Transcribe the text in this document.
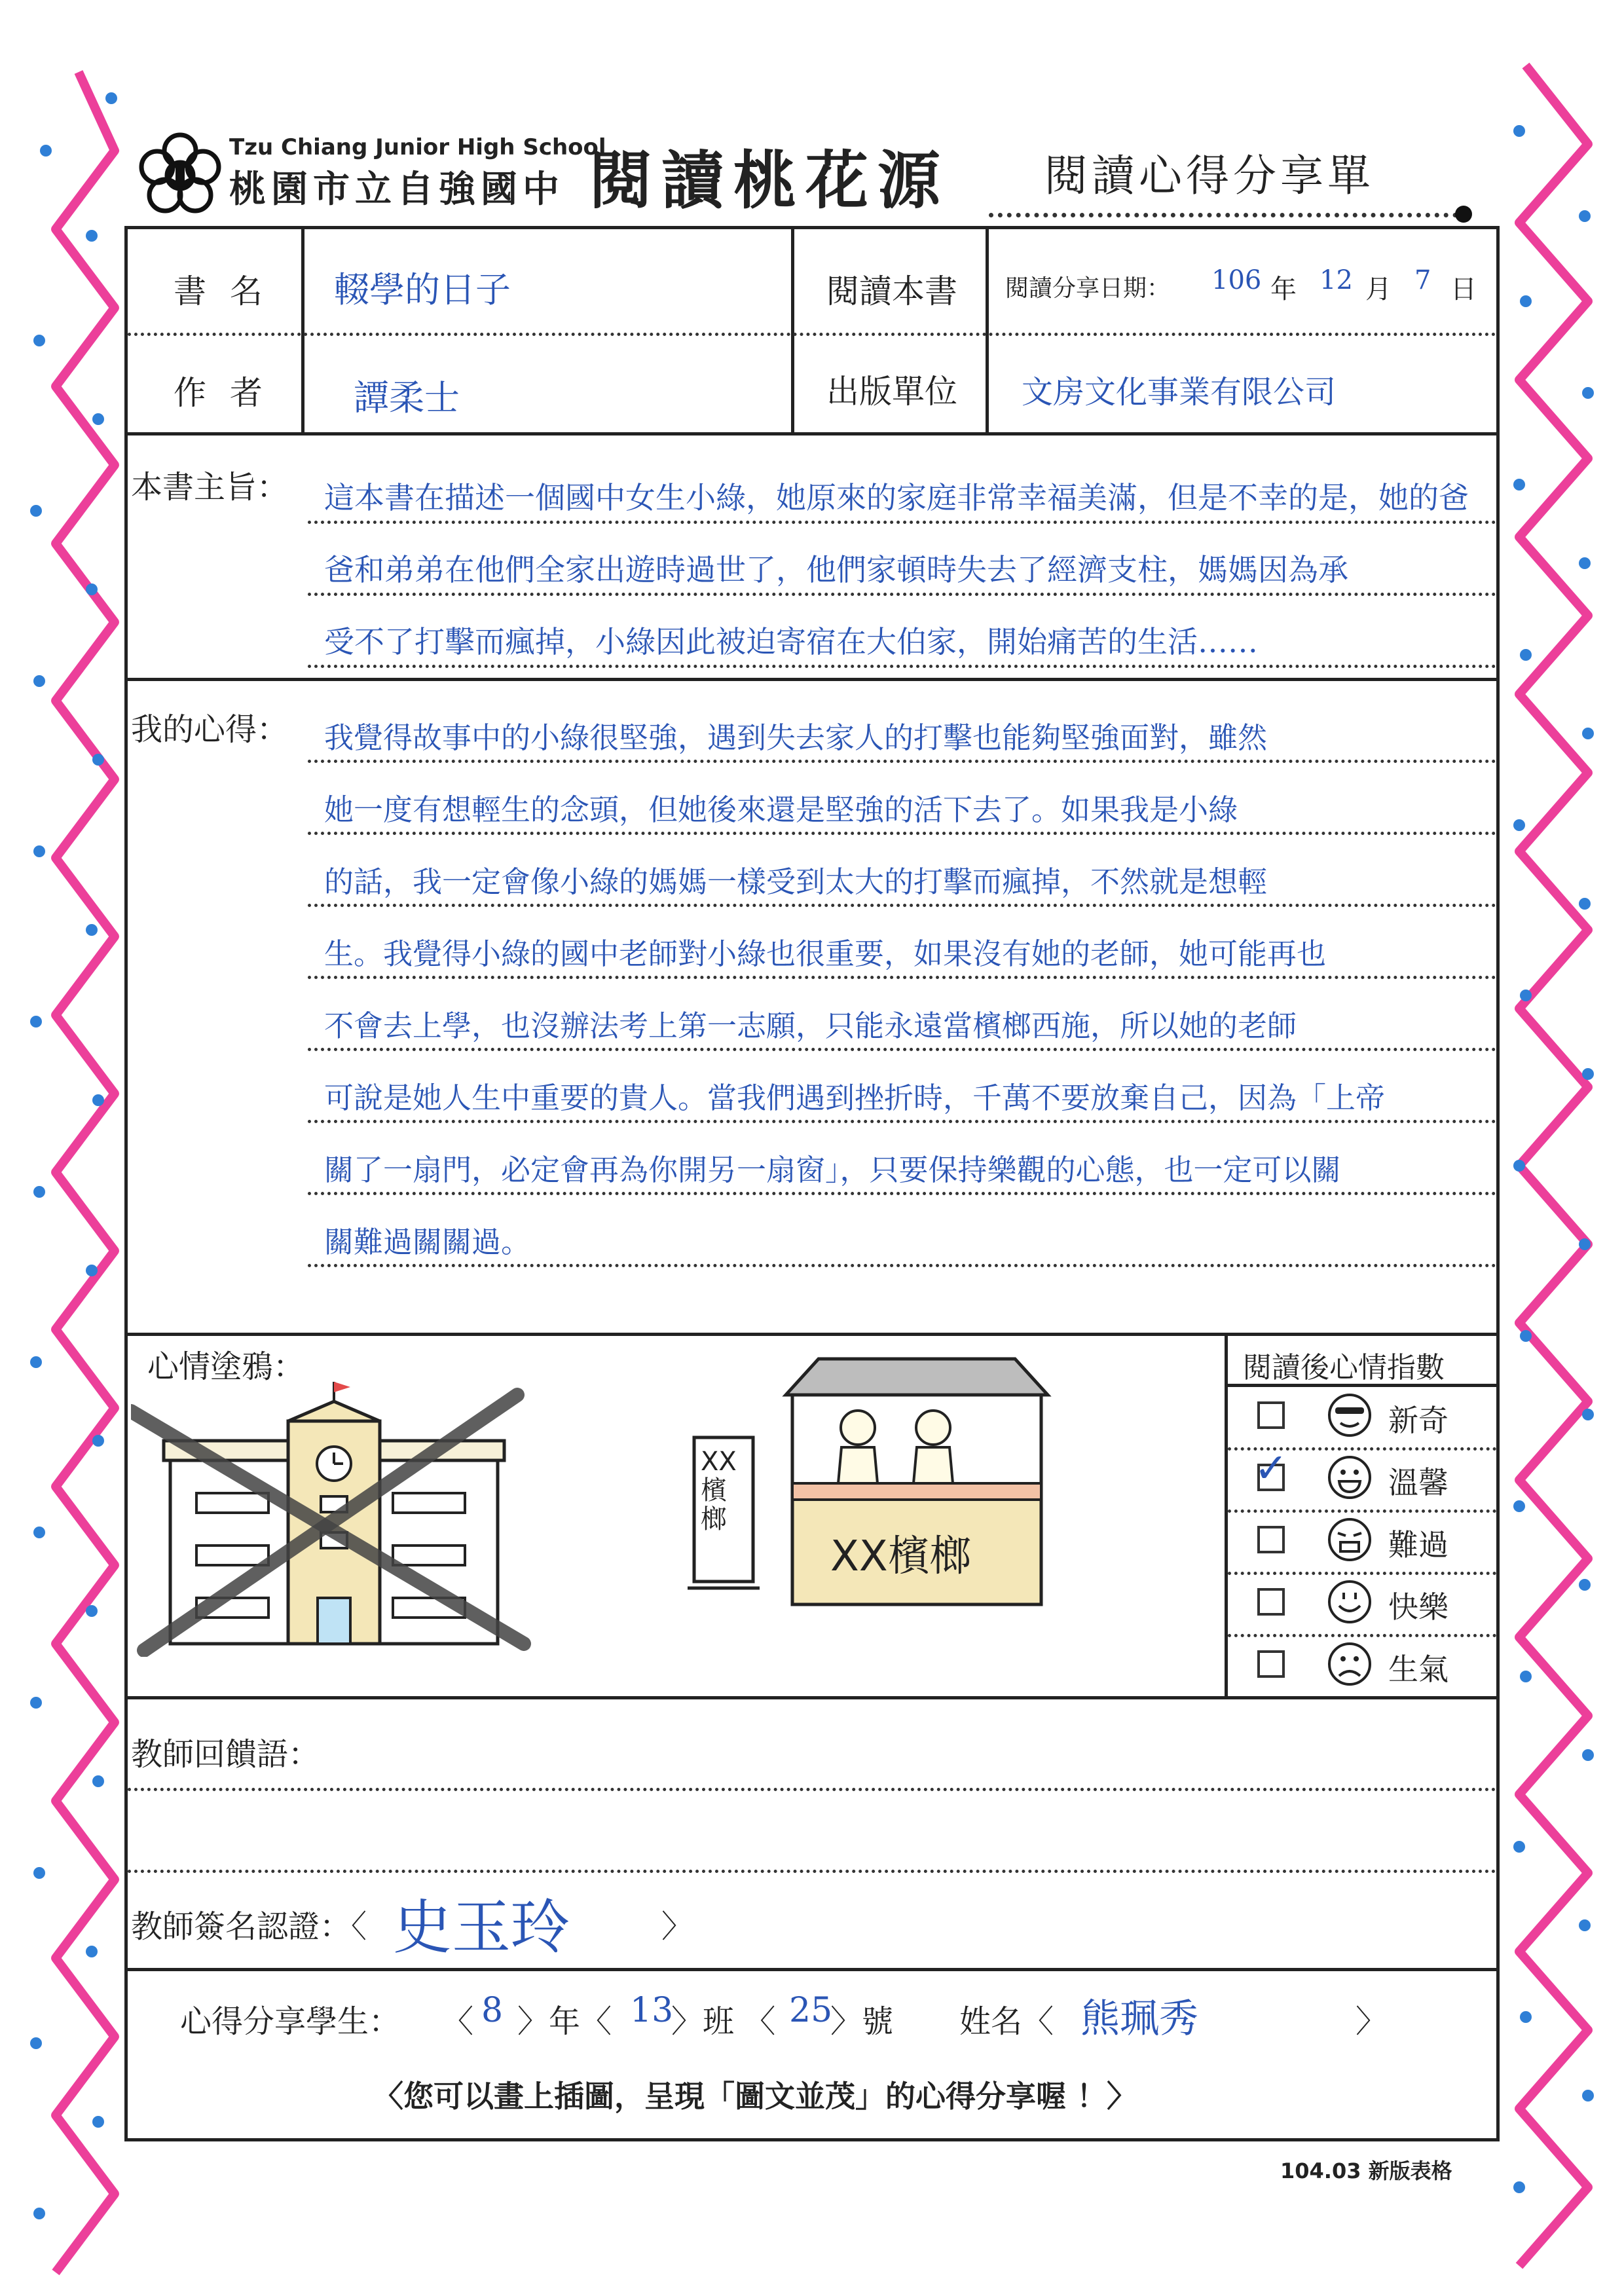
Tzu Chiang Junior High School
桃園市立自強國中 閱讀桃花源 閱讀心得分享單
書 名 輟學的日子	閱讀本書 閱讀分享日期： 106 年 12 月 7 日
作 者 譚柔士	出版單位 文房文化事業有限公司
本書主旨： 這本書在描述一個國中女生小綠，她原來的家庭非常幸福美滿，但是不幸的是，她的爸
爸和弟弟在他們全家出遊時過世了，他們家頓時失去了經濟支柱，媽媽因為承
受不了打擊而瘋掉，小綠因此被迫寄宿在大伯家，開始痛苦的生活……
我的心得： 我覺得故事中的小綠很堅強，遇到失去家人的打擊也能夠堅強面對，雖然
她一度有想輕生的念頭，但她後來還是堅強的活下去了。如果我是小綠
的話，我一定會像小綠的媽媽一樣受到太大的打擊而瘋掉，不然就是想輕
生。我覺得小綠的國中老師對小綠也很重要，如果沒有她的老師，她可能再也
不會去上學，也沒辦法考上第一志願，只能永遠當檳榔西施，所以她的老師
可說是她人生中重要的貴人。當我們遇到挫折時，千萬不要放棄自己，因為「上帝
關了一扇門，必定會再為你開另一扇窗」，只要保持樂觀的心態，也一定可以關
關難過關關過。
心情塗鴉：
XX檳榔
XX檳榔
閱讀後心情指數
新奇
✓	溫馨
難過
快樂
生氣
教師回饋語：
教師簽名認證：〈 史玉玲	〉
心得分享學生： 〈 8 〉年〈 13
〉班 〈 25
〉號 姓名〈 熊珮秀	〉
〈您可以畫上插圖，呈現「圖文並茂」的心得分享喔 ！〉
104.03 新版表格
